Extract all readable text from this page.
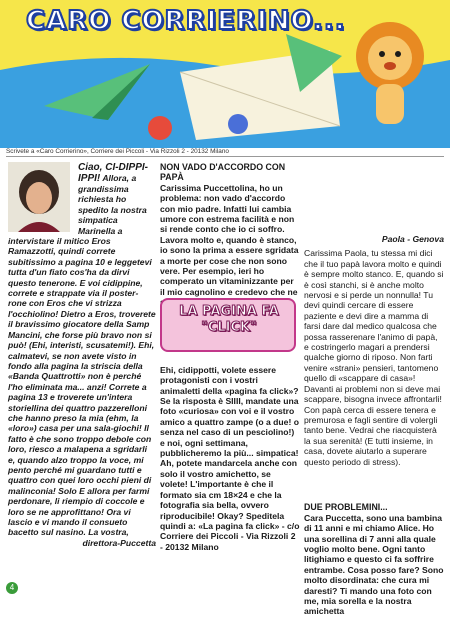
CARO CORRIERINO...
Scrivete a «Caro Corrierino», Corriere dei Piccoli - Via Rizzoli 2 - 20132 Milano

Ciao, CI-DIPPI-IPPI! Allora, a grandissima richiesta ho spedito la nostra simpatica Marinella a intervistare il mitico Eros Ramazzotti, quindi correte subitissimo a pagina 10 e leggetevi tutta d'un fiato cos'ha da dirvi questo tenerone. E voi cidippine, correte e strappate via il poster-rone con Eros che vi strizza l'occhiolino! Dietro a Eros, troverete il bravissimo giocatore della Samp Mancini, che forse più bravo non si può! (Ehi, interisti, scusatemi!). Ehi, calmatevi, se non avete visto in fondo alla pagina la striscia della «Banda Quattrotti» non è perché l'ho eliminata ma... anzi! Correte a pagina 13 e troverete un'intera storiellina dei quattro pazzerelloni che hanno preso la mia (ehm, la «loro») casa per una sala-giochi! Il fatto è che sono troppo debole con loro, riesco a malapena a sgridarli e, quando alzo troppo la voce, mi pento perché mi guardano tutti e quattro con quei loro occhi pieni di malinconia! Solo E allora per farmi perdonare, li riempio di coccole e loro se ne approfittano! Ora vi lascio e vi mando il consueto bacetto sul nasino. La vostra,

direttora-Puccetta

NON VADO D'ACCORDO CON PAPÀ

Carissima Puccettolina, ho un problema: non vado d'accordo con mio padre. Infatti lui cambia umore con estrema facilità e non si rende conto che io ci soffro. Lavora molto e, quando è stanco, io sono la prima a essere sgridata a morte per cose che non sono vere. Per esempio, ieri ho comperato un vitaminizzante per il mio cagnolino e credevo che ne

Ehi, cidippotti, volete essere protagonisti con i vostri animaletti della «pagina fa click»? Se la risposta è SIIII, mandate una foto «curiosa» con voi e il vostro amico a quattro zampe (o a due! o senza nel caso di un pesciolino!) e noi, ogni settimana, pubblicheremo la più... simpatica! Ah, potete mandarcela anche con solo il vostro amichetto, se volete! L'importante è che il formato sia cm 18×24 e che la fotografia sia bella, ovvero riproducibile! Okay? Speditela quindi a: «La pagina fa click» - c/o Corriere dei Piccoli - Via Rizzoli 2 - 20132 Milano

LA PAGINA FA "CLICK"

Paola - Genova

Carissima Paola, tu stessa mi dici che il tuo papà lavora molto e quindi è sempre molto stanco. E, quando si è così stanchi, si è anche molto nervosi e si perde un nonnulla! Tu devi quindi cercare di essere paziente e devi dire a mamma di farsi dare dal medico qualcosa che possa rasserenare l'animo di papà, e costringerlo magari a prendersi qualche giorno di riposo. Non farti venire «strani» pensieri, tantomeno quello di «scappare di casa»! Davanti ai problemi non si deve mai scappare, bisogna invece affrontarli! Con papà cerca di essere tenera e premurosa e fagli sentire di volergli tanto bene. Vedrai che riacquisterà la sua serenità! (E tutti insieme, in casa, dovete aiutarlo a superare questo periodo di stress).

DUE PROBLEMINI...

Cara Puccetta, sono una bambina di 11 anni e mi chiamo Alice. Ho una sorellina di 7 anni alla quale voglio molto bene. Ogni tanto litighiamo e questo ci fa soffrire entrambe. Cosa posso fare? Sono molto disordinata: che cura mi daresti? Ti mando una foto con me, mia sorella e la nostra amichetta

4
